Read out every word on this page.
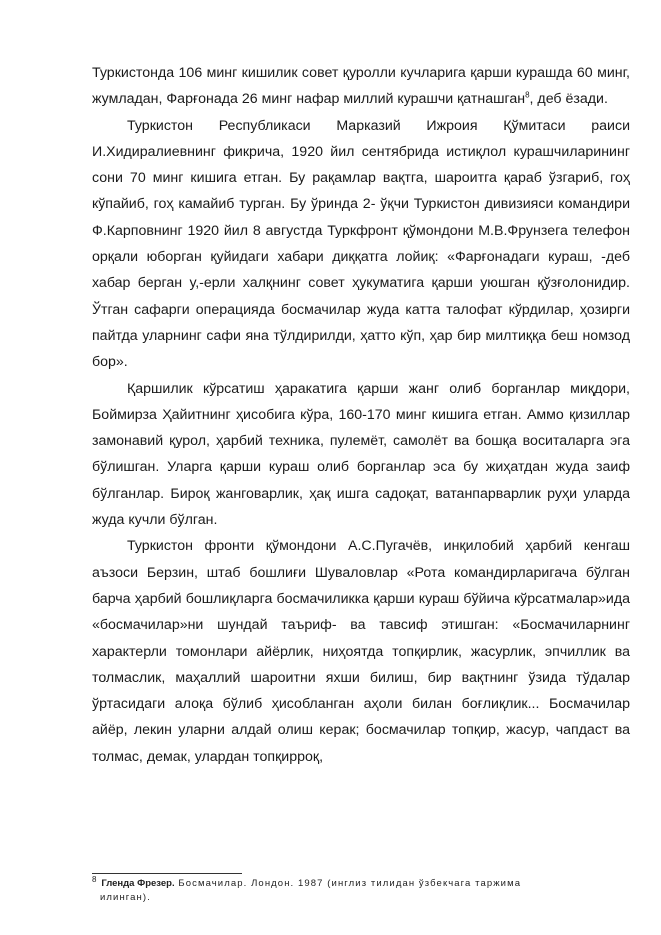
Туркистонда 106 минг кишилик совет қуролли кучларига қарши курашда 60 минг, жумладан, Фарғонада 26 минг нафар миллий курашчи қатнашган$^8$, деб ёзади.

Туркистон Республикаси Марказий Ижроия Қўмитаси раиси И.Хидиралиевнинг фикрича, 1920 йил сентябрида истиқлол курашчиларининг сони 70 минг кишига етган. Бу рақамлар вақтга, шароитга қараб ўзгариб, гоҳ кўпайиб, гоҳ камайиб турган. Бу ўринда 2- ўқчи Туркистон дивизияси командири Ф.Карповнинг 1920 йил 8 августда Туркфронт қўмондони М.В.Фрунзега телефон орқали юборган қуйидаги хабари диққатга лойиқ: «Фарғонадаги кураш, -деб хабар берган у,-ерли халқнинг совет ҳукуматига қарши уюшган қўзғолонидир. Ўтган сафарги операцияда босмачилар жуда катта талофат кўрдилар, ҳозирги пайтда уларнинг сафи яна тўлдирилди, ҳатто кўп, ҳар бир милтиққа беш номзод бор».

Қаршилик кўрсатиш ҳаракатига қарши жанг олиб борганлар миқдори, Боймирза Ҳайитнинг ҳисобига кўра, 160-170 минг кишига етган. Аммо қизиллар замонавий қурол, ҳарбий техника, пулемёт, самолёт ва бошқа воситаларга эга бўлишган. Уларга қарши кураш олиб борганлар эса бу жиҳатдан жуда заиф бўлганлар. Бироқ жанговарлик, ҳақ ишга садоқат, ватанпарварлик руҳи уларда жуда кучли бўлган.

Туркистон фронти қўмондони А.С.Пугачёв, инқилобий ҳарбий кенгаш аъзоси Берзин, штаб бошлиғи Шуваловлар «Рота командирларигача бўлган барча ҳарбий бошлиқларга босмачиликка қарши кураш бўйича кўрсатмалар»ида «босмачилар»ни шундай таъриф- ва тавсиф этишган: «Босмачиларнинг характерли томонлари айёрлик, ниҳоятда топқирлик, жасурлик, эпчиллик ва толмаслик, маҳаллий шароитни яхши билиш, бир вақтнинг ўзида тўдалар ўртасидаги алоқа бўлиб ҳисобланган аҳоли билан боғлиқлик... Босмачилар айёр, лекин уларни алдай олиш керак; босмачилар топқир, жасур, чапдаст ва толмас, демак, улардан топқирроқ,

$^8$ Гленда Фрезер. Босмачилар. Лондон. 1987 (инглиз тилидан ўзбекчага таржима
илинган).
